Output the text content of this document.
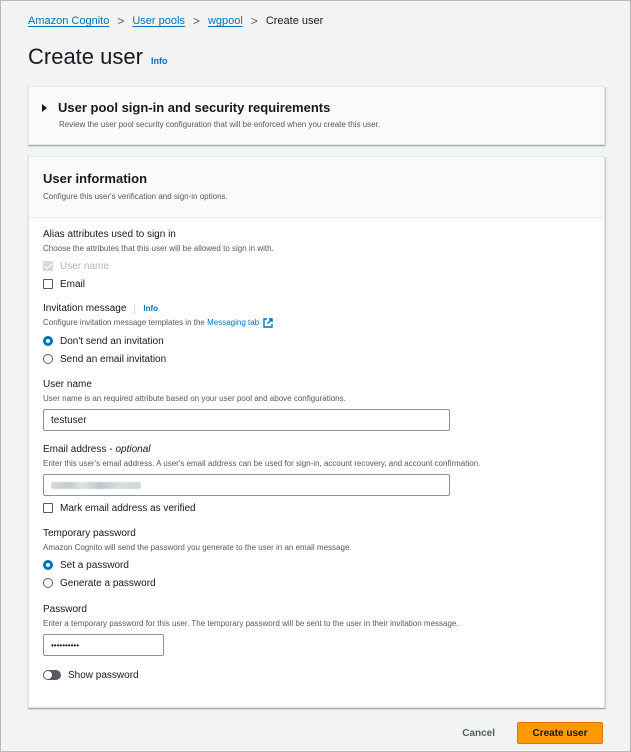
Amazon Cognito > User pools > wgpool > Create user
Create user Info
User pool sign-in and security requirements
Review the user pool security configuration that will be enforced when you create this user.
User information

Configure this user's verification and sign-in options.

Alias attributes used to sign in
Choose the attributes that this user will be allowed to sign in with.
User name
Email
Invitation message Info
Configure invitation message templates in the Messaging tab
Don't send an invitation
Send an email invitation
User name
User name is an required attribute based on your user pool and above configurations.
testuser
Email address - optional
Enter this user's email address. A user's email address can be used for sign-in, account recovery, and account confirmation.
Mark email address as verified
Temporary password
Amazon Cognito will send the password you generate to the user in an email message.
Set a password
Generate a password
Password
Enter a temporary password for this user. The temporary password will be sent to the user in their invitation message.
••••••••••
Show password
Cancel	Create user
